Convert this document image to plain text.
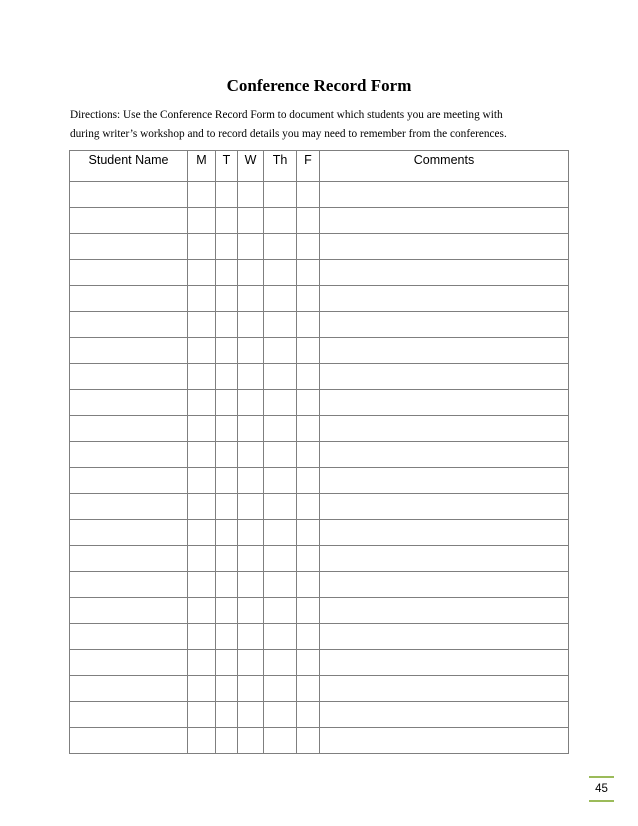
Conference Record Form
Directions: Use the Conference Record Form to document which students you are meeting with
during writer’s workshop and to record details you may need to remember from the conferences.
Student Name	M	T	W	Th	F	Comments

45
